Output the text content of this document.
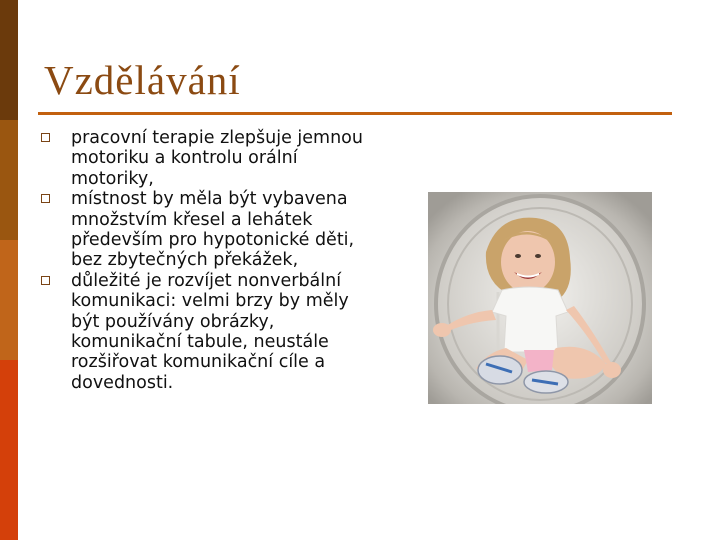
Vzdělávání
pracovní terapie zlepšuje jemnou motoriku a kontrolu orální motoriky,
místnost by měla být vybavena množstvím křesel a lehátek především pro hypotonické děti, bez zbytečných překážek,
důležité je rozvíjet nonverbální komunikaci: velmi brzy by měly být používány obrázky, komunikační tabule, neustále rozšiřovat komunikační cíle a dovednosti.
